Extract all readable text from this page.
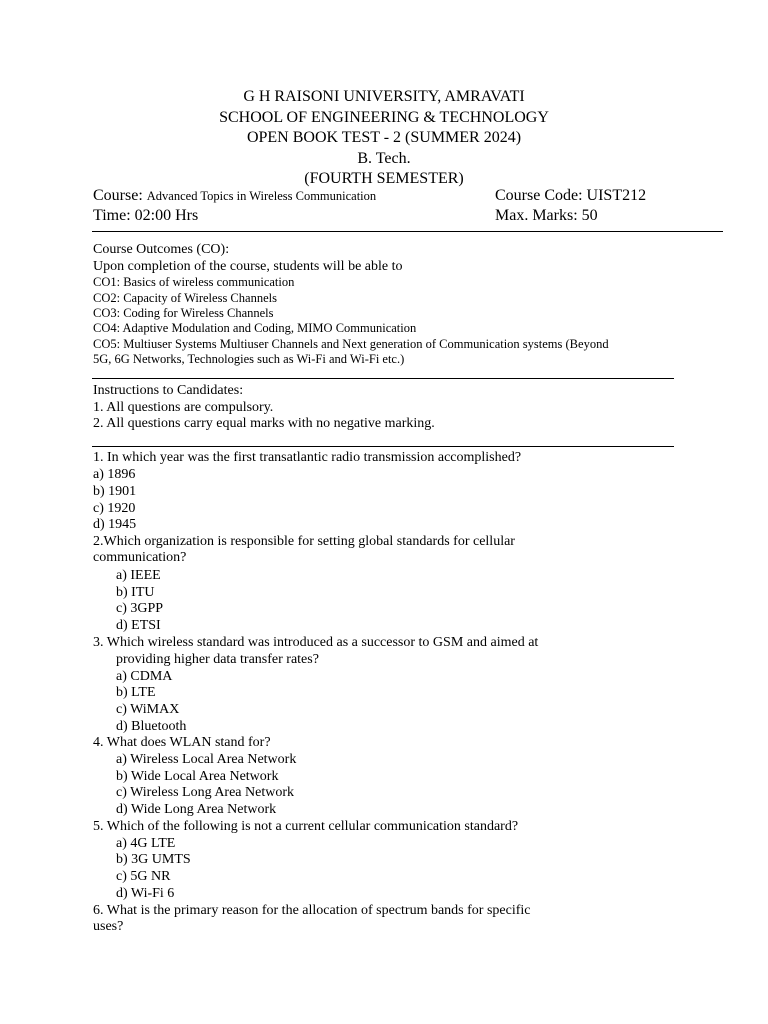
G H RAISONI UNIVERSITY, AMRAVATI
SCHOOL OF ENGINEERING & TECHNOLOGY
OPEN BOOK TEST - 2 (SUMMER 2024)
B. Tech.
(FOURTH SEMESTER)
Course: Advanced Topics in Wireless Communication	Course Code: UIST212
Time: 02:00 Hrs	Max. Marks: 50
Course Outcomes (CO):
Upon completion of the course, students will be able to
CO1: Basics of wireless communication
CO2: Capacity of Wireless Channels
CO3: Coding for Wireless Channels
CO4: Adaptive Modulation and Coding, MIMO Communication
CO5: Multiuser Systems Multiuser Channels and Next generation of Communication systems (Beyond
5G, 6G Networks, Technologies such as Wi-Fi and Wi-Fi etc.)
Instructions to Candidates:
1. All questions are compulsory.
2. All questions carry equal marks with no negative marking.
1. In which year was the first transatlantic radio transmission accomplished?
a) 1896
b) 1901
c) 1920
d) 1945
2.Which organization is responsible for setting global standards for cellular
communication?
a) IEEE
b) ITU
c) 3GPP
d) ETSI
3. Which wireless standard was introduced as a successor to GSM and aimed at
providing higher data transfer rates?
a) CDMA
b) LTE
c) WiMAX
d) Bluetooth
4. What does WLAN stand for?
a) Wireless Local Area Network
b) Wide Local Area Network
c) Wireless Long Area Network
d) Wide Long Area Network
5. Which of the following is not a current cellular communication standard?
a) 4G LTE
b) 3G UMTS
c) 5G NR
d) Wi-Fi 6
6. What is the primary reason for the allocation of spectrum bands for specific
uses?
